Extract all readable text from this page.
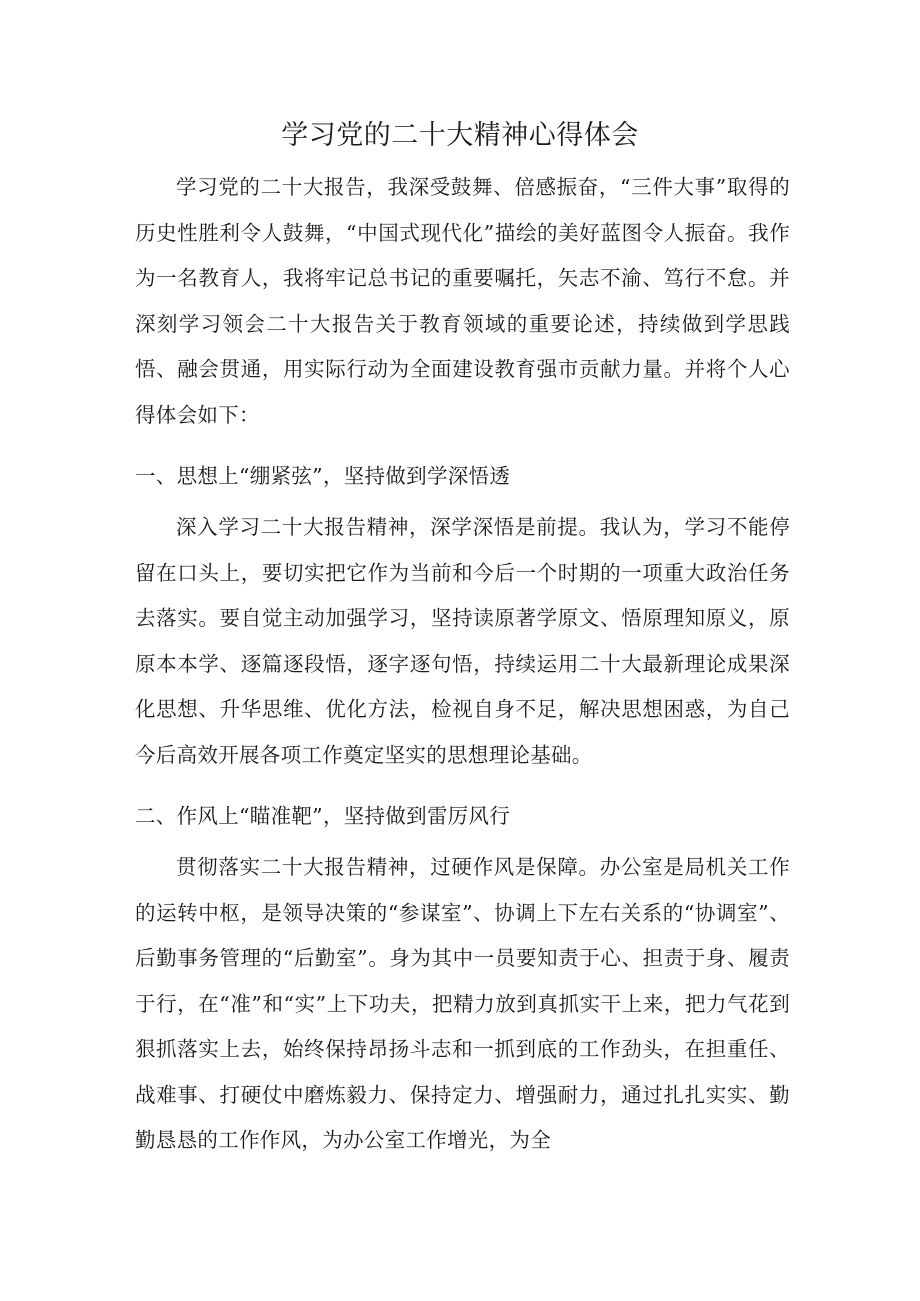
学习党的二十大精神心得体会

学习党的二十大报告，我深受鼓舞、倍感振奋，“三件大事”取得的历史性胜利令人鼓舞，“中国式现代化”描绘的美好蓝图令人振奋。我作为一名教育人，我将牢记总书记的重要嘱托，矢志不渝、笃行不怠。并深刻学习领会二十大报告关于教育领域的重要论述，持续做到学思践悟、融会贯通，用实际行动为全面建设教育强市贡献力量。并将个人心得体会如下：

一、思想上“绷紧弦”，坚持做到学深悟透

深入学习二十大报告精神，深学深悟是前提。我认为，学习不能停留在口头上，要切实把它作为当前和今后一个时期的一项重大政治任务去落实。要自觉主动加强学习，坚持读原著学原文、悟原理知原义，原原本本学、逐篇逐段悟，逐字逐句悟，持续运用二十大最新理论成果深化思想、升华思维、优化方法，检视自身不足，解决思想困惑，为自己今后高效开展各项工作奠定坚实的思想理论基础。

二、作风上“瞄准靶”，坚持做到雷厉风行

贯彻落实二十大报告精神，过硬作风是保障。办公室是局机关工作的运转中枢，是领导决策的“参谋室”、协调上下左右关系的“协调室”、后勤事务管理的“后勤室”。身为其中一员要知责于心、担责于身、履责于行，在“准”和“实”上下功夫，把精力放到真抓实干上来，把力气花到狠抓落实上去，始终保持昂扬斗志和一抓到底的工作劲头，在担重任、战难事、打硬仗中磨炼毅力、保持定力、增强耐力，通过扎扎实实、勤勤恳恳的工作作风，为办公室工作增光，为全
